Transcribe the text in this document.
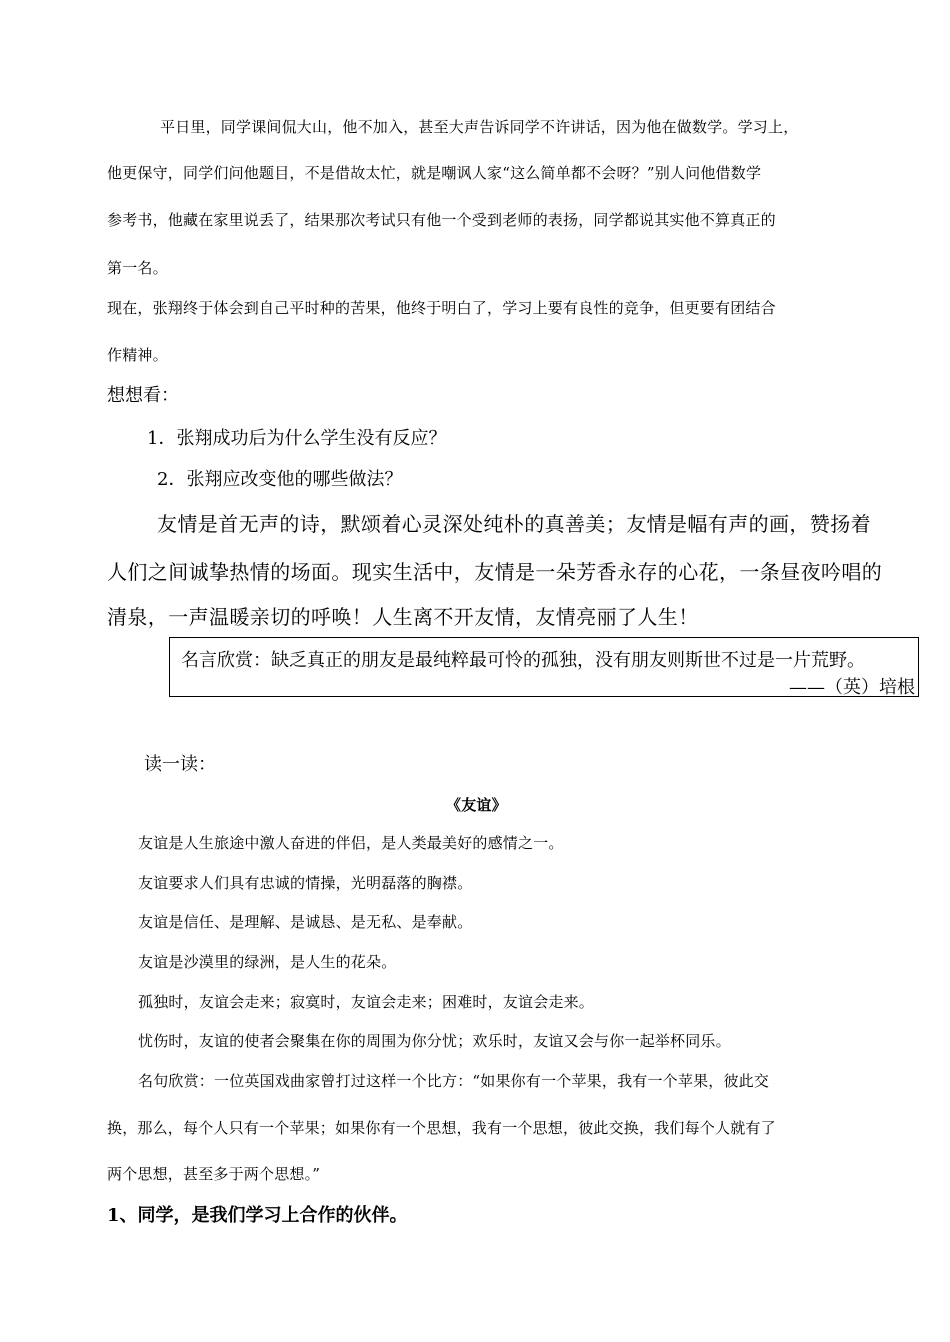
平日里，同学课间侃大山，他不加入，甚至大声告诉同学不许讲话，因为他在做数学。学习上，
他更保守，同学们问他题目，不是借故太忙，就是嘲讽人家“这么简单都不会呀？”别人问他借数学
参考书，他藏在家里说丢了，结果那次考试只有他一个受到老师的表扬，同学都说其实他不算真正的
第一名。
现在，张翔终于体会到自己平时种的苦果，他终于明白了，学习上要有良性的竞争，但更要有团结合
作精神。
想想看：
1．张翔成功后为什么学生没有反应？
2．张翔应改变他的哪些做法？
友情是首无声的诗，默颂着心灵深处纯朴的真善美；友情是幅有声的画，赞扬着
人们之间诚挚热情的场面。现实生活中，友情是一朵芳香永存的心花，一条昼夜吟唱的
清泉，一声温暖亲切的呼唤！人生离不开友情，友情亮丽了人生！
名言欣赏：缺乏真正的朋友是最纯粹最可怜的孤独，没有朋友则斯世不过是一片荒野。
——（英）培根
读一读：
《友谊》
友谊是人生旅途中激人奋进的伴侣，是人类最美好的感情之一。
友谊要求人们具有忠诚的情操，光明磊落的胸襟。
友谊是信任、是理解、是诚恳、是无私、是奉献。
友谊是沙漠里的绿洲，是人生的花朵。
孤独时，友谊会走来；寂寞时，友谊会走来；困难时，友谊会走来。
忧伤时，友谊的使者会聚集在你的周围为你分忧；欢乐时，友谊又会与你一起举杯同乐。
名句欣赏：一位英国戏曲家曾打过这样一个比方：“如果你有一个苹果，我有一个苹果，彼此交
换，那么，每个人只有一个苹果；如果你有一个思想，我有一个思想，彼此交换，我们每个人就有了
两个思想，甚至多于两个思想。”
1、同学，是我们学习上合作的伙伴。
